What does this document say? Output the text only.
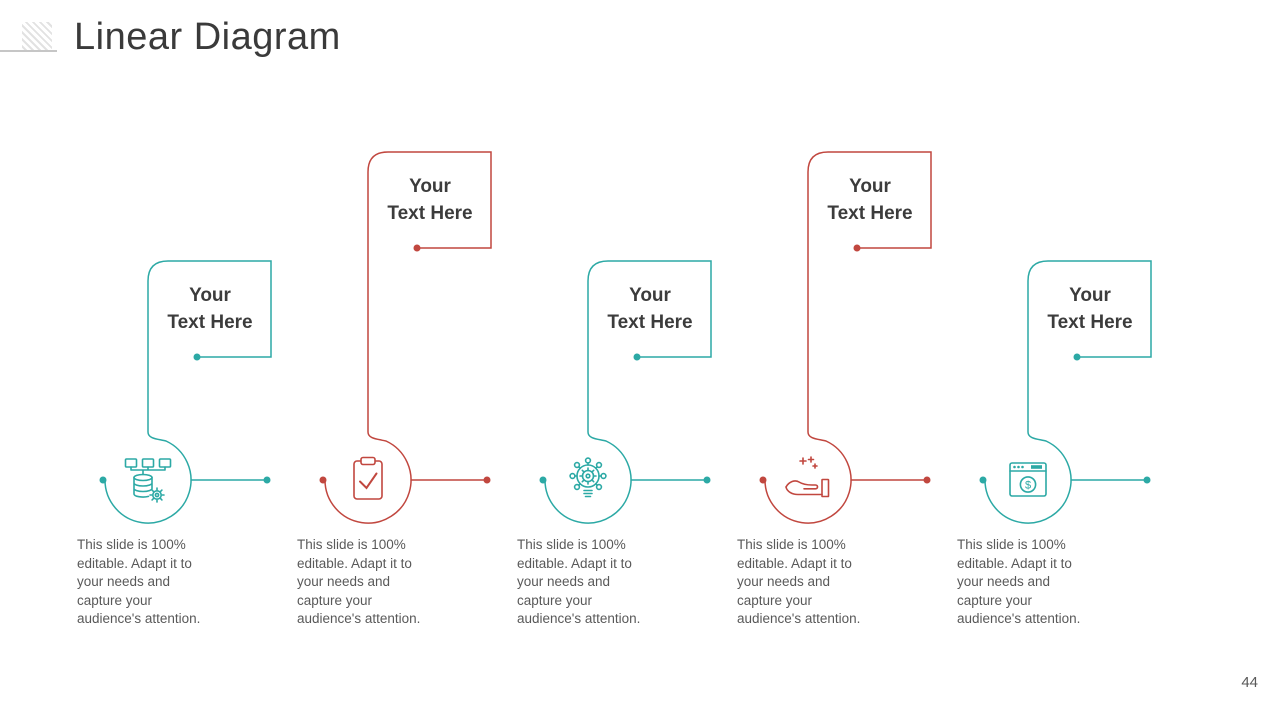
Linear Diagram
$
Your
Text Here
Your
Text Here
Your
Text Here
Your
Text Here
Your
Text Here
This slide is 100%
editable. Adapt it to
your needs and
capture your
audience's attention.
This slide is 100%
editable. Adapt it to
your needs and
capture your
audience's attention.
This slide is 100%
editable. Adapt it to
your needs and
capture your
audience's attention.
This slide is 100%
editable. Adapt it to
your needs and
capture your
audience's attention.
This slide is 100%
editable. Adapt it to
your needs and
capture your
audience's attention.
44
